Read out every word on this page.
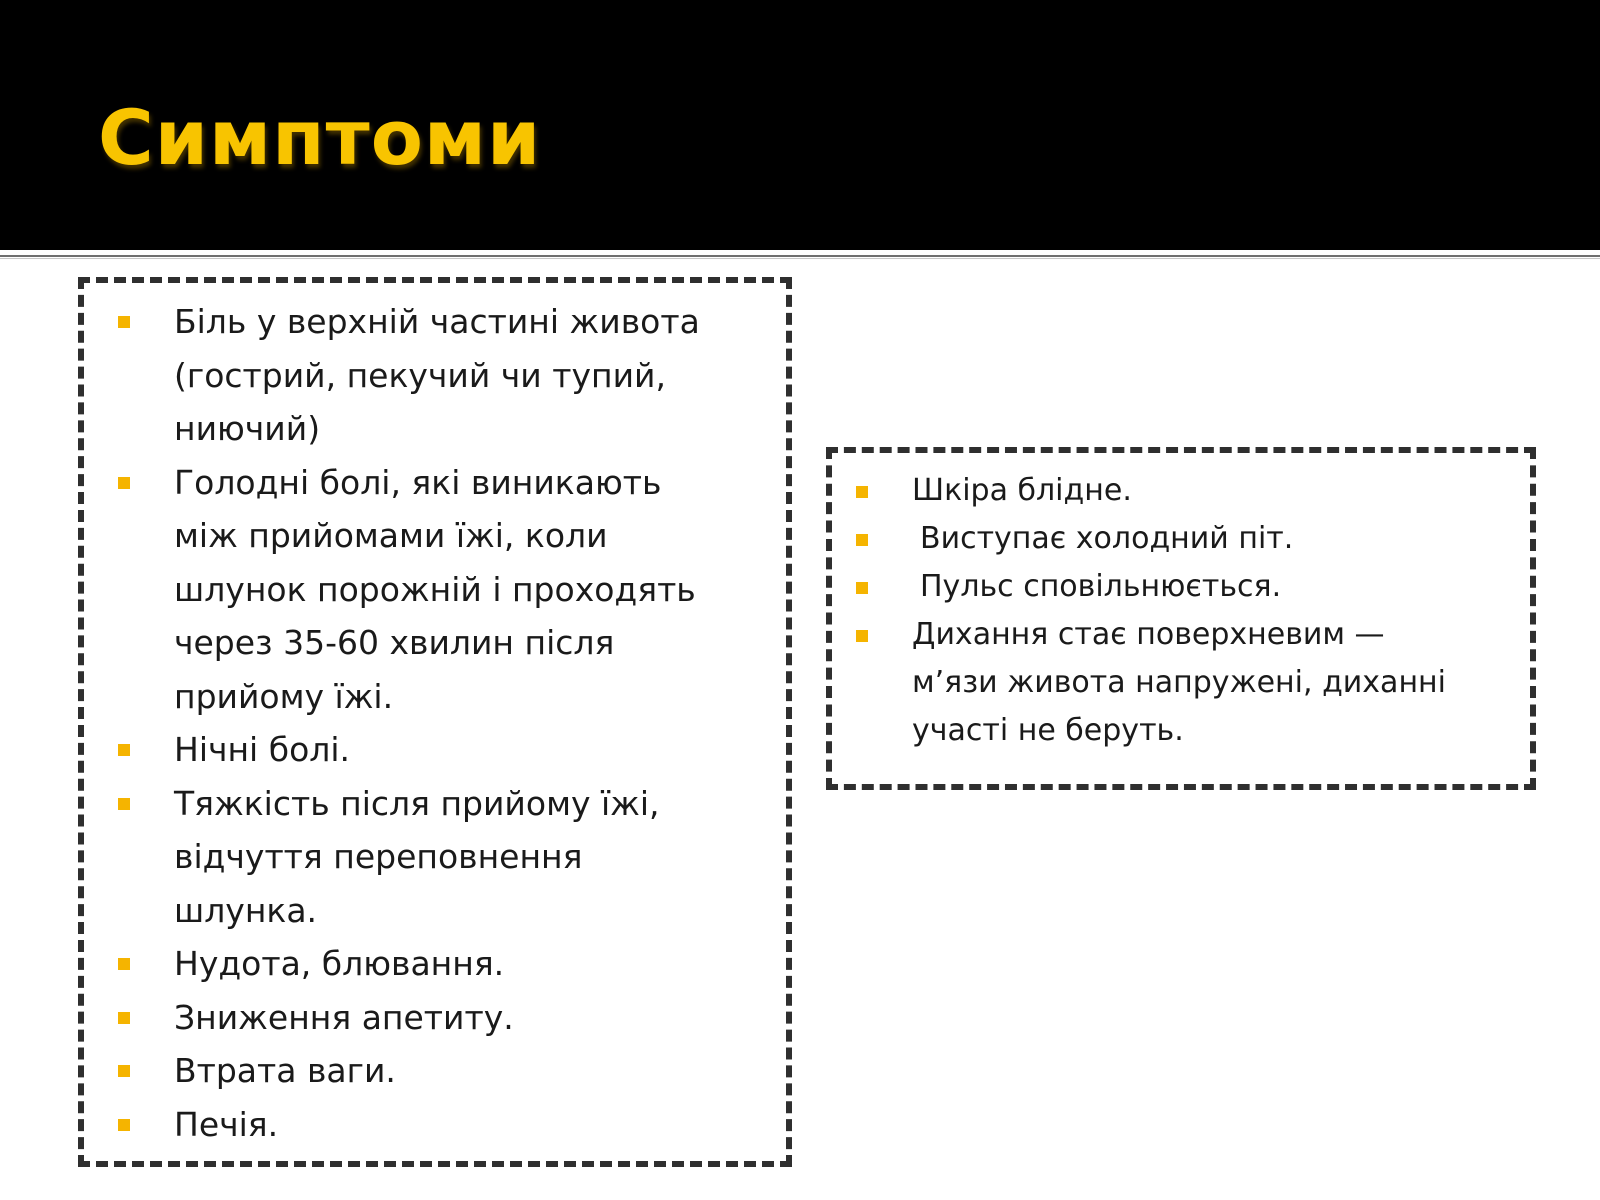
Симптоми
Біль у верхній частині живота
(гострий, пекучий чи тупий,
ниючий)
Голодні болі, які виникають
між прийомами їжі, коли
шлунок порожній і проходять
через 35-60 хвилин після
прийому їжі.
Нічні болі.
Тяжкість після прийому їжі,
відчуття переповнення
шлунка.
Нудота, блювання.
Зниження апетиту.
Втрата ваги.
Печія.
Шкіра блідне.
Виступає холодний піт.
Пульс сповільнюється.
Дихання стає поверхневим —
м’язи живота напружені, диханні
участі не беруть.
